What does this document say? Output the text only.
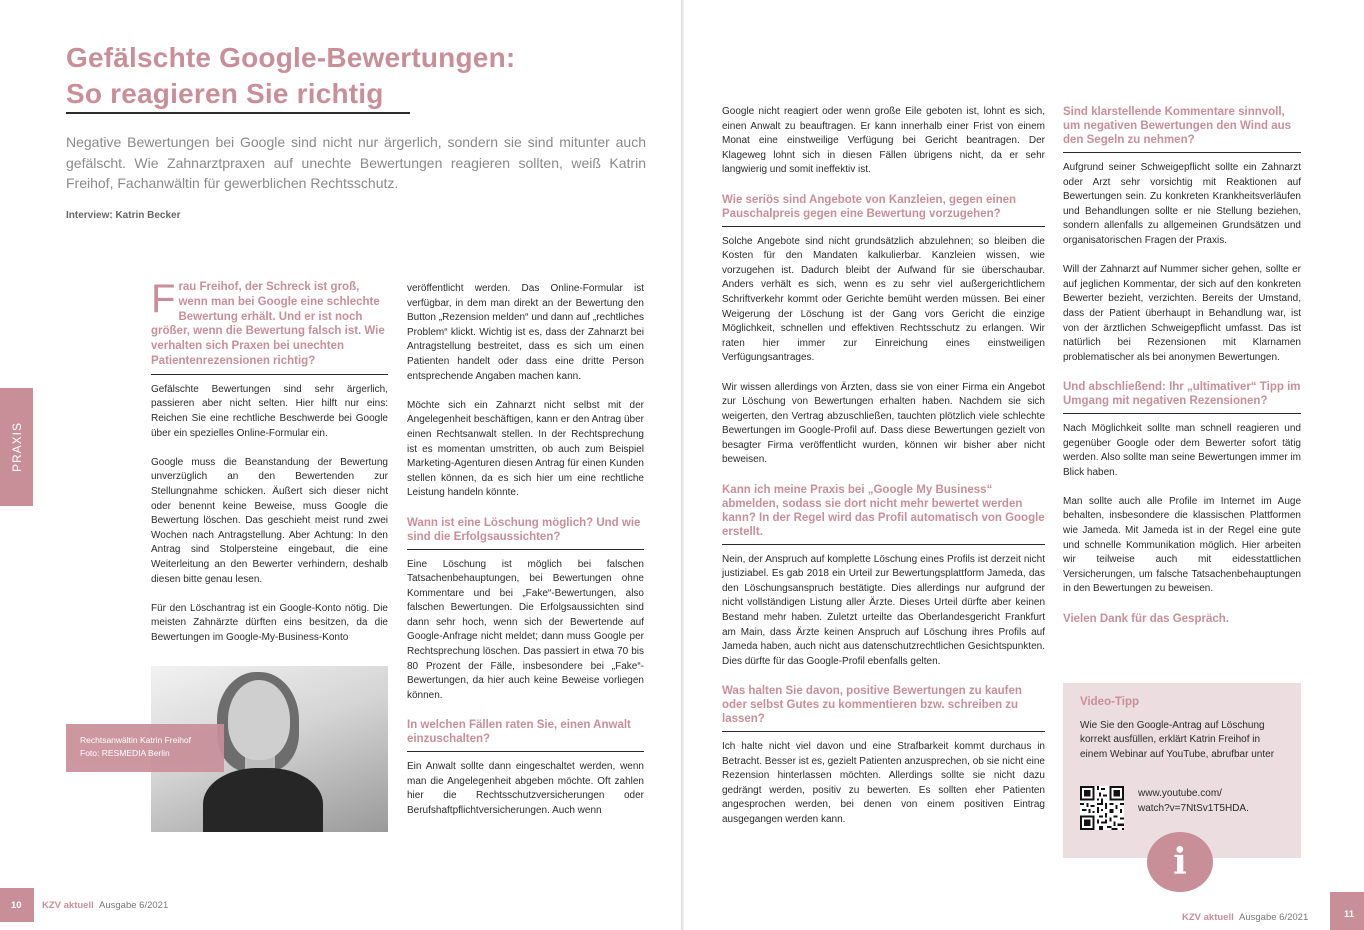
Gefälschte Google-Bewertungen:
So reagieren Sie richtig

Negative Bewertungen bei Google sind nicht nur ärgerlich, sondern sie sind mitunter auch gefälscht. Wie Zahnarztpraxen auf unechte Bewertungen reagieren sollten, weiß Katrin Freihof, Fachanwältin für gewerblichen Rechtsschutz.

Interview: Katrin Becker

PRAXIS
Frau Freihof, der Schreck ist groß, wenn man bei Google eine schlechte Bewertung erhält. Und er ist noch größer, wenn die Bewertung falsch ist. Wie verhalten sich Praxen bei unechten Patientenrezensionen richtig?

Gefälschte Bewertungen sind sehr ärgerlich, passieren aber nicht selten. Hier hilft nur eins: Reichen Sie eine rechtliche Beschwerde bei Google über ein spezielles Online-Formular ein.

Google muss die Beanstandung der Bewertung unverzüglich an den Bewertenden zur Stellungnahme schicken. Äußert sich dieser nicht oder benennt keine Beweise, muss Google die Bewertung löschen. Das geschieht meist rund zwei Wochen nach Antragstellung. Aber Achtung: In den Antrag sind Stolpersteine eingebaut, die eine Weiterleitung an den Bewerter verhindern, deshalb diesen bitte genau lesen.

Für den Löschantrag ist ein Google-Konto nötig. Die meisten Zahnärzte dürften eins besitzen, da die Bewertungen im Google-My-Business-Konto

Rechtsanwältin Katrin Freihof
Foto: RESMEDIA Berlin

veröffentlicht werden. Das Online-Formular ist verfügbar, in dem man direkt an der Bewertung den Button „Rezension melden“ und dann auf „rechtliches Problem“ klickt. Wichtig ist es, dass der Zahnarzt bei Antragstellung bestreitet, dass es sich um einen Patienten handelt oder dass eine dritte Person entsprechende Angaben machen kann.

Möchte sich ein Zahnarzt nicht selbst mit der Angelegenheit beschäftigen, kann er den Antrag über einen Rechtsanwalt stellen. In der Rechtsprechung ist es momentan umstritten, ob auch zum Beispiel Marketing-Agenturen diesen Antrag für einen Kunden stellen können, da es sich hier um eine rechtliche Leistung handeln könnte.

Wann ist eine Löschung möglich? Und wie sind die Erfolgsaussichten?

Eine Löschung ist möglich bei falschen Tatsachenbehauptungen, bei Bewertungen ohne Kommentare und bei „Fake“-Bewertungen, also falschen Bewertungen. Die Erfolgsaussichten sind dann sehr hoch, wenn sich der Bewertende auf Google-Anfrage nicht meldet; dann muss Google per Rechtsprechung löschen. Das passiert in etwa 70 bis 80 Prozent der Fälle, insbesondere bei „Fake“-Bewertungen, da hier auch keine Beweise vorliegen können.

In welchen Fällen raten Sie, einen Anwalt einzuschalten?

Ein Anwalt sollte dann eingeschaltet werden, wenn man die Angelegenheit abgeben möchte. Oft zahlen hier die Rechtsschutzversicherungen oder Berufshaftpflichtversicherungen. Auch wenn

10 KZV aktuell Ausgabe 6/2021

Google nicht reagiert oder wenn große Eile geboten ist, lohnt es sich, einen Anwalt zu beauftragen. Er kann innerhalb einer Frist von einem Monat eine einstweilige Verfügung bei Gericht beantragen. Der Klageweg lohnt sich in diesen Fällen übrigens nicht, da er sehr langwierig und somit ineffektiv ist.

Wie seriös sind Angebote von Kanzleien, gegen einen Pauschalpreis gegen eine Bewertung vorzugehen?

Solche Angebote sind nicht grundsätzlich abzulehnen; so bleiben die Kosten für den Mandaten kalkulierbar. Kanzleien wissen, wie vorzugehen ist. Dadurch bleibt der Aufwand für sie überschaubar. Anders verhält es sich, wenn es zu sehr viel außergerichtlichem Schriftverkehr kommt oder Gerichte bemüht werden müssen. Bei einer Weigerung der Löschung ist der Gang vors Gericht die einzige Möglichkeit, schnellen und effektiven Rechtsschutz zu erlangen. Wir raten hier immer zur Einreichung eines einstweiligen Verfügungsantrages.

Wir wissen allerdings von Ärzten, dass sie von einer Firma ein Angebot zur Löschung von Bewertungen erhalten haben. Nachdem sie sich weigerten, den Vertrag abzuschließen, tauchten plötzlich viele schlechte Bewertungen im Google-Profil auf. Dass diese Bewertungen gezielt von besagter Firma veröffentlicht wurden, können wir bisher aber nicht beweisen.

Kann ich meine Praxis bei „Google My Business“ abmelden, sodass sie dort nicht mehr bewertet werden kann? In der Regel wird das Profil automatisch von Google erstellt.

Nein, der Anspruch auf komplette Löschung eines Profils ist derzeit nicht justiziabel. Es gab 2018 ein Urteil zur Bewertungsplattform Jameda, das den Löschungsanspruch bestätigte. Dies allerdings nur aufgrund der nicht vollständigen Listung aller Ärzte. Dieses Urteil dürfte aber keinen Bestand mehr haben. Zuletzt urteilte das Oberlandesgericht Frankfurt am Main, dass Ärzte keinen Anspruch auf Löschung ihres Profils auf Jameda haben, auch nicht aus datenschutzrechtlichen Gesichtspunkten. Dies dürfte für das Google-Profil ebenfalls gelten.

Was halten Sie davon, positive Bewertungen zu kaufen oder selbst Gutes zu kommentieren bzw. schreiben zu lassen?

Ich halte nicht viel davon und eine Strafbarkeit kommt durchaus in Betracht. Besser ist es, gezielt Patienten anzusprechen, ob sie nicht eine Rezension hinterlassen möchten. Allerdings sollte sie nicht dazu gedrängt werden, positiv zu bewerten. Es sollten eher Patienten angesprochen werden, bei denen von einem positiven Eintrag ausgegangen werden kann.

Sind klarstellende Kommentare sinnvoll, um negativen Bewertungen den Wind aus den Segeln zu nehmen?

Aufgrund seiner Schweigepflicht sollte ein Zahnarzt oder Arzt sehr vorsichtig mit Reaktionen auf Bewertungen sein. Zu konkreten Krankheitsverläufen und Behandlungen sollte er nie Stellung beziehen, sondern allenfalls zu allgemeinen Grundsätzen und organisatorischen Fragen der Praxis.

Will der Zahnarzt auf Nummer sicher gehen, sollte er auf jeglichen Kommentar, der sich auf den konkreten Bewerter bezieht, verzichten. Bereits der Umstand, dass der Patient überhaupt in Behandlung war, ist von der ärztlichen Schweigepflicht umfasst. Das ist natürlich bei Rezensionen mit Klarnamen problematischer als bei anonymen Bewertungen.

Und abschließend: Ihr „ultimativer“ Tipp im Umgang mit negativen Rezensionen?

Nach Möglichkeit sollte man schnell reagieren und gegenüber Google oder dem Bewerter sofort tätig werden. Also sollte man seine Bewertungen immer im Blick haben.

Man sollte auch alle Profile im Internet im Auge behalten, insbesondere die klassischen Plattformen wie Jameda. Mit Jameda ist in der Regel eine gute und schnelle Kommunikation möglich. Hier arbeiten wir teilweise auch mit eidesstattlichen Versicherungen, um falsche Tatsachenbehauptungen in den Bewertungen zu beweisen.

Vielen Dank für das Gespräch.

Video-Tipp
Wie Sie den Google-Antrag auf Löschung korrekt ausfüllen, erklärt Katrin Freihof in einem Webinar auf YouTube, abrufbar unter
www.youtube.com/
watch?v=7NtSv1T5HDA.
i
KZV aktuell Ausgabe 6/2021	11
